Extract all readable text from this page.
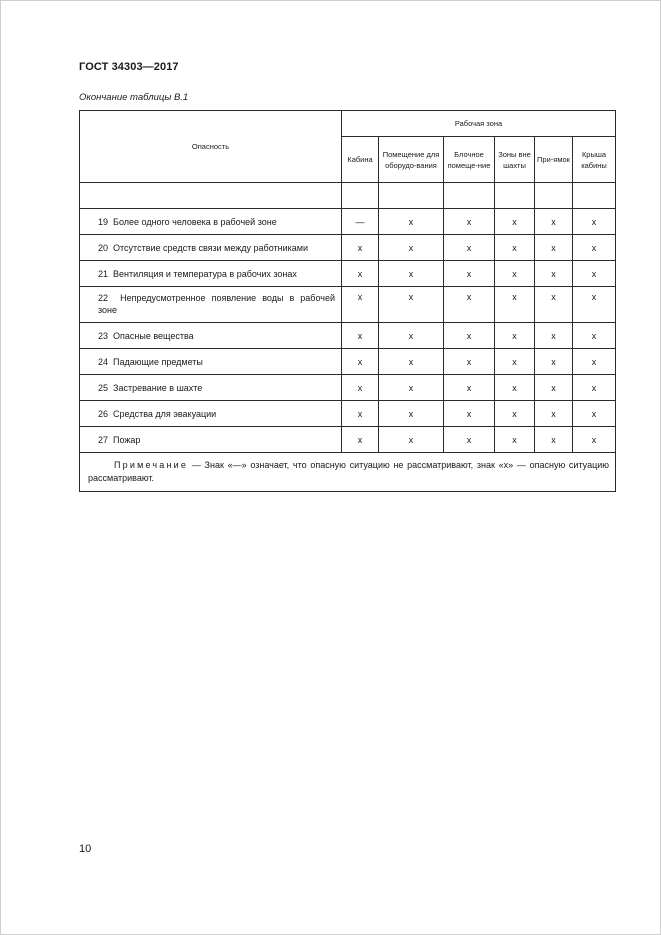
ГОСТ 34303—2017
Окончание таблицы В.1
Опасность	Рабочая зона					
	Кабина	Помещение для оборудо-вания	Блочное помеще-ние	Зоны вне шахты	При-ямок	Крыша кабины

19 Более одного человека в рабочей зоне	—	х	х	х	х	х
20 Отсутствие средств связи между работниками	х	х	х	х	х	х
21 Вентиляция и температура в рабочих зонах	х	х	х	х	х	х
22 Непредусмотренное появление воды в рабочей зоне	х	х	х	х	х	х
23 Опасные вещества	х	х	х	х	х	х
24 Падающие предметы	х	х	х	х	х	х
25 Застревание в шахте	х	х	х	х	х	х
26 Средства для эвакуации	х	х	х	х	х	х
27 Пожар	х	х	х	х	х	х
Примечание — Знак «—» означает, что опасную ситуацию не рассматривают, знак «х» — опасную ситуацию рассматривают.						
10
